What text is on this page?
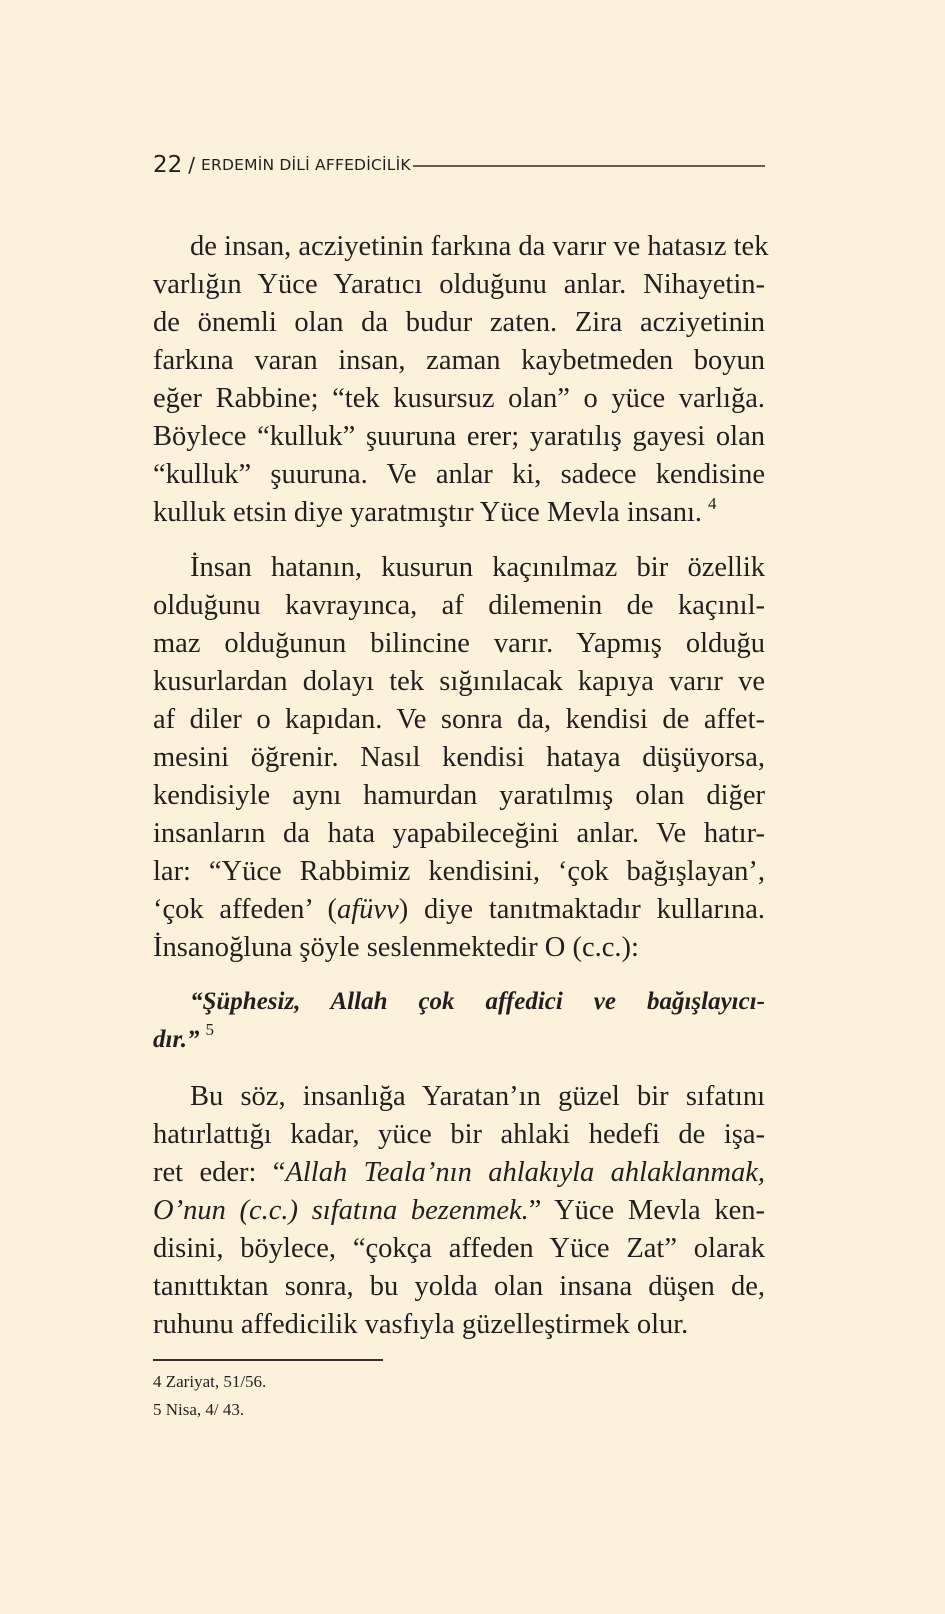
22 / ERDEMİN DİLİ AFFEDİCİLİK
de insan, acziyetinin farkına da varır ve hatasız tek
varlığın Yüce Yaratıcı olduğunu anlar. Nihayetin-
de önemli olan da budur zaten. Zira acziyetinin
farkına varan insan, zaman kaybetmeden boyun
eğer Rabbine; “tek kusursuz olan” o yüce varlığa.
Böylece “kulluk” şuuruna erer; yaratılış gayesi olan
“kulluk” şuuruna. Ve anlar ki, sadece kendisine
kulluk etsin diye yaratmıştır Yüce Mevla insanı. $^4$
İnsan hatanın, kusurun kaçınılmaz bir özellik
olduğunu kavrayınca, af dilemenin de kaçınıl-
maz olduğunun bilincine varır. Yapmış olduğu
kusurlardan dolayı tek sığınılacak kapıya varır ve
af diler o kapıdan. Ve sonra da, kendisi de affet-
mesini öğrenir. Nasıl kendisi hataya düşüyorsa,
kendisiyle aynı hamurdan yaratılmış olan diğer
insanların da hata yapabileceğini anlar. Ve hatır-
lar: “Yüce Rabbimiz kendisini, ‘çok bağışlayan’,
‘çok affeden’ (afüvv) diye tanıtmaktadır kullarına.
İnsanoğluna şöyle seslenmektedir O (c.c.):
“Şüphesiz, Allah çok affedici ve bağışlayıcı-
dır.” $^5$
Bu söz, insanlığa Yaratan’ın güzel bir sıfatını
hatırlattığı kadar, yüce bir ahlaki hedefi de işa-
ret eder: “Allah Teala’nın ahlakıyla ahlaklanmak,
O’nun (c.c.) sıfatına bezenmek.” Yüce Mevla ken-
disini, böylece, “çokça affeden Yüce Zat” olarak
tanıttıktan sonra, bu yolda olan insana düşen de,
ruhunu affedicilik vasfıyla güzelleştirmek olur.
4 Zariyat, 51/56.
5 Nisa, 4/ 43.
